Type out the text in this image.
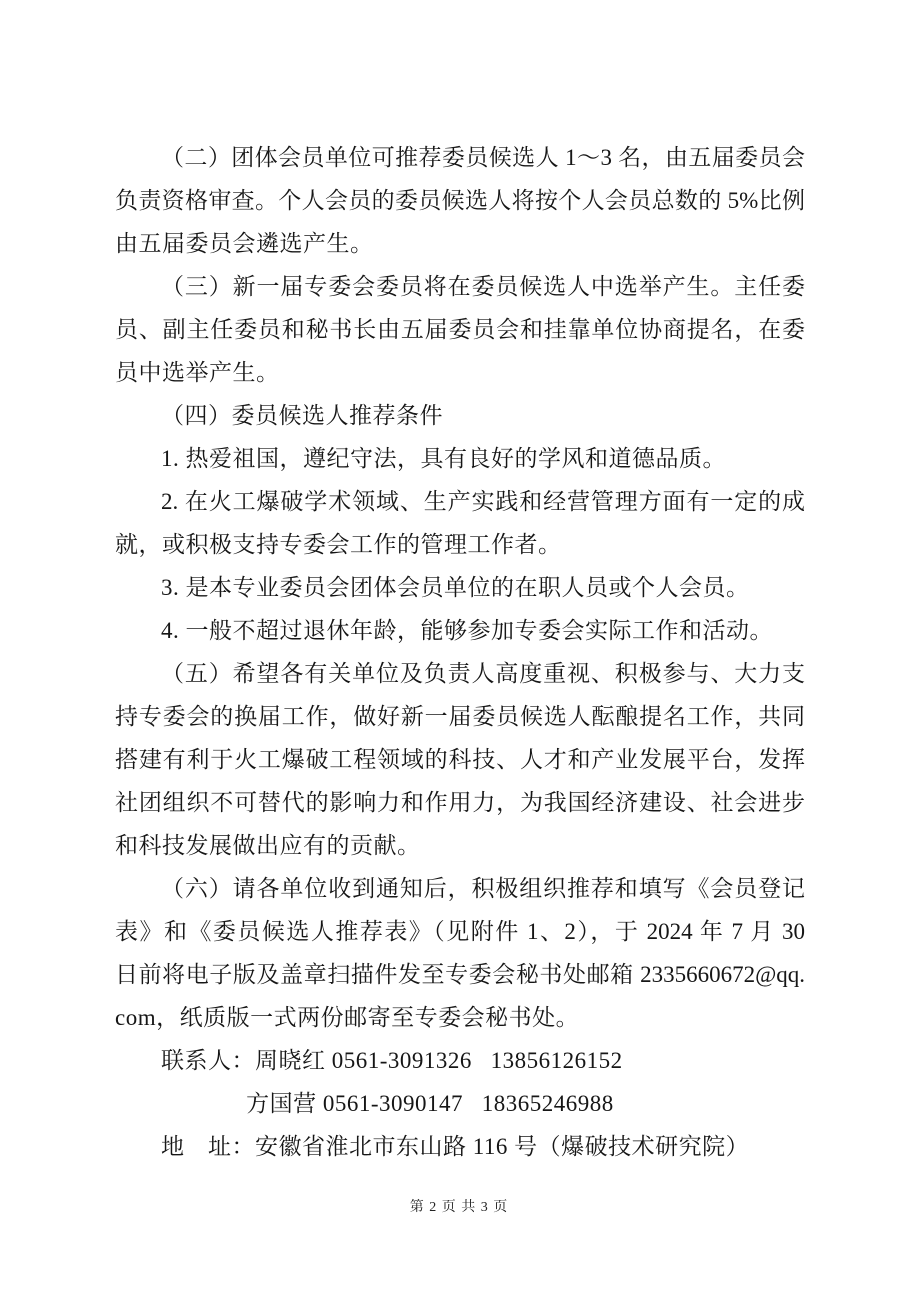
（二）团体会员单位可推荐委员候选人 1～3 名，由五届委员会
负责资格审查。个人会员的委员候选人将按个人会员总数的 5%比例
由五届委员会遴选产生。
（三）新一届专委会委员将在委员候选人中选举产生。主任委
员、副主任委员和秘书长由五届委员会和挂靠单位协商提名，在委
员中选举产生。
（四）委员候选人推荐条件
1. 热爱祖国，遵纪守法，具有良好的学风和道德品质。
2. 在火工爆破学术领域、生产实践和经营管理方面有一定的成
就，或积极支持专委会工作的管理工作者。
3. 是本专业委员会团体会员单位的在职人员或个人会员。
4. 一般不超过退休年龄，能够参加专委会实际工作和活动。
（五）希望各有关单位及负责人高度重视、积极参与、大力支
持专委会的换届工作，做好新一届委员候选人酝酿提名工作，共同
搭建有利于火工爆破工程领域的科技、人才和产业发展平台，发挥
社团组织不可替代的影响力和作用力，为我国经济建设、社会进步
和科技发展做出应有的贡献。
（六）请各单位收到通知后，积极组织推荐和填写《会员登记
表》和《委员候选人推荐表》（见附件 1、2），于 2024 年 7 月 30
日前将电子版及盖章扫描件发至专委会秘书处邮箱 2335660672@qq.
com，纸质版一式两份邮寄至专委会秘书处。
联系人：周晓红 0561-3091326   13856126152
方国营 0561-3090147   18365246988
地　址：安徽省淮北市东山路 116 号（爆破技术研究院）
第 2 页 共 3 页
